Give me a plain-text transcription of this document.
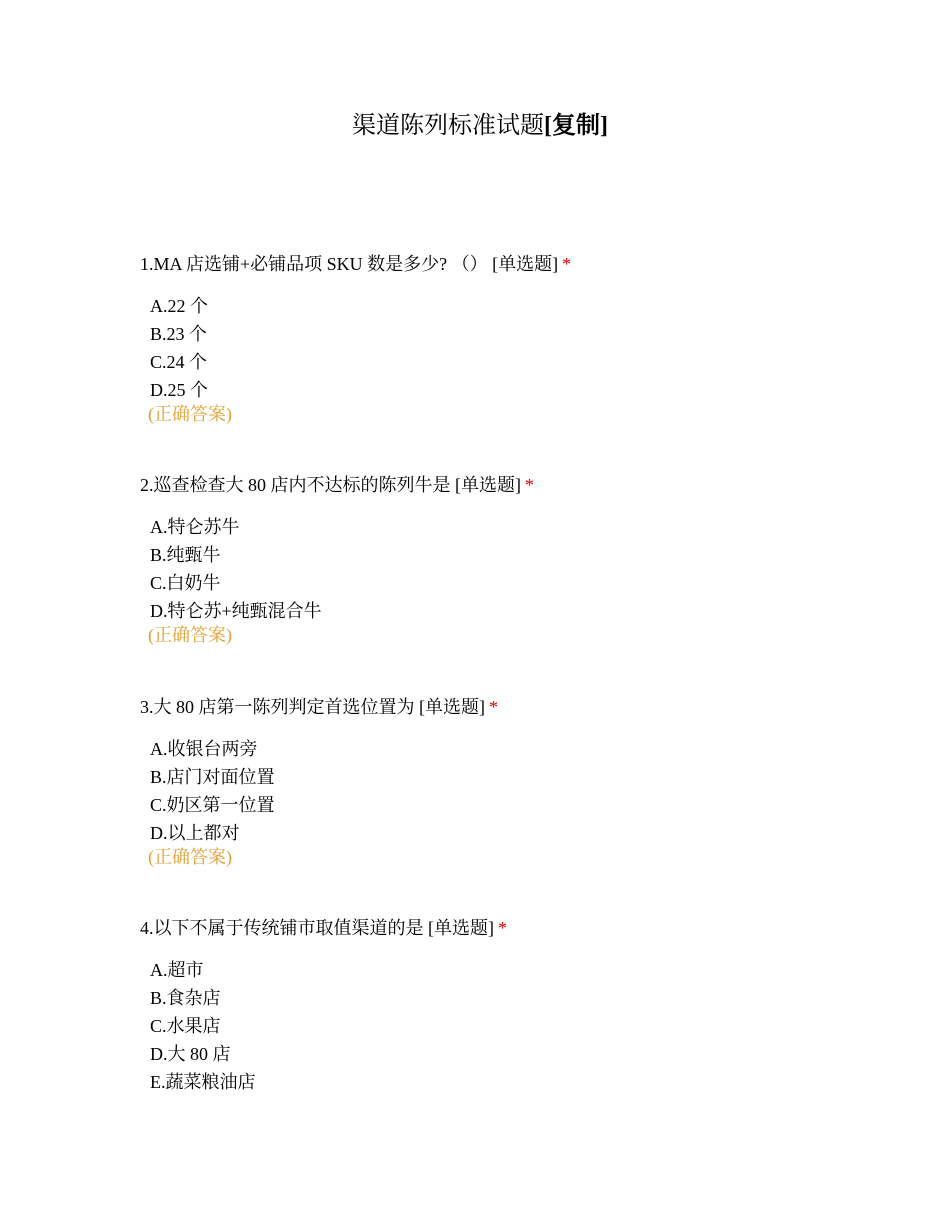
渠道陈列标准试题[复制]
1.MA 店选铺+必铺品项 SKU 数是多少? （） [单选题] *
A.22 个
B.23 个
C.24 个
D.25 个
(正确答案)
2.巡查检查大 80 店内不达标的陈列牛是 [单选题] *
A.特仑苏牛
B.纯甄牛
C.白奶牛
D.特仑苏+纯甄混合牛
(正确答案)
3.大 80 店第一陈列判定首选位置为 [单选题] *
A.收银台两旁
B.店门对面位置
C.奶区第一位置
D.以上都对
(正确答案)
4.以下不属于传统铺市取值渠道的是 [单选题] *
A.超市
B.食杂店
C.水果店
D.大 80 店
E.蔬菜粮油店
